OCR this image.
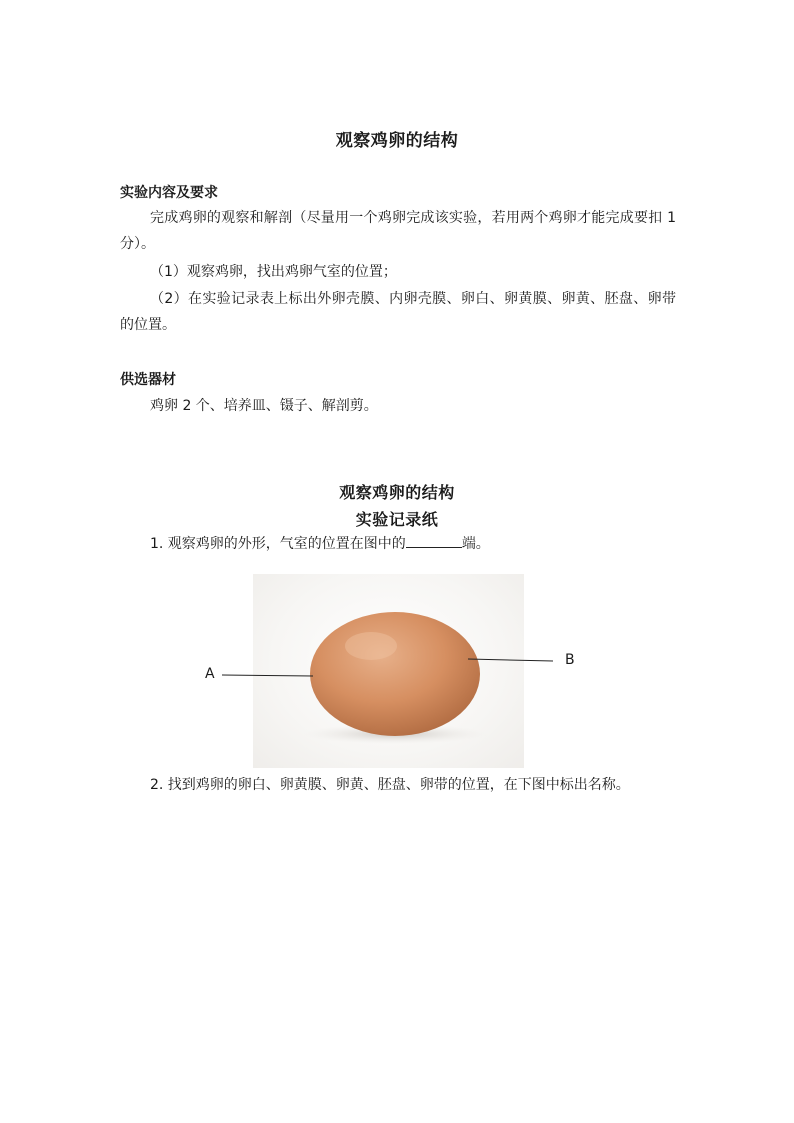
观察鸡卵的结构
实验内容及要求

完成鸡卵的观察和解剖（尽量用一个鸡卵完成该实验，若用两个鸡卵才能完成要扣 1 分）。

（1）观察鸡卵，找出鸡卵气室的位置；

（2）在实验记录表上标出外卵壳膜、内卵壳膜、卵白、卵黄膜、卵黄、胚盘、卵带的位置。

供选器材

鸡卵 2 个、培养皿、镊子、解剖剪。

观察鸡卵的结构
实验记录纸

1. 观察鸡卵的外形，气室的位置在图中的	端。

A
B

2. 找到鸡卵的卵白、卵黄膜、卵黄、胚盘、卵带的位置，在下图中标出名称。
